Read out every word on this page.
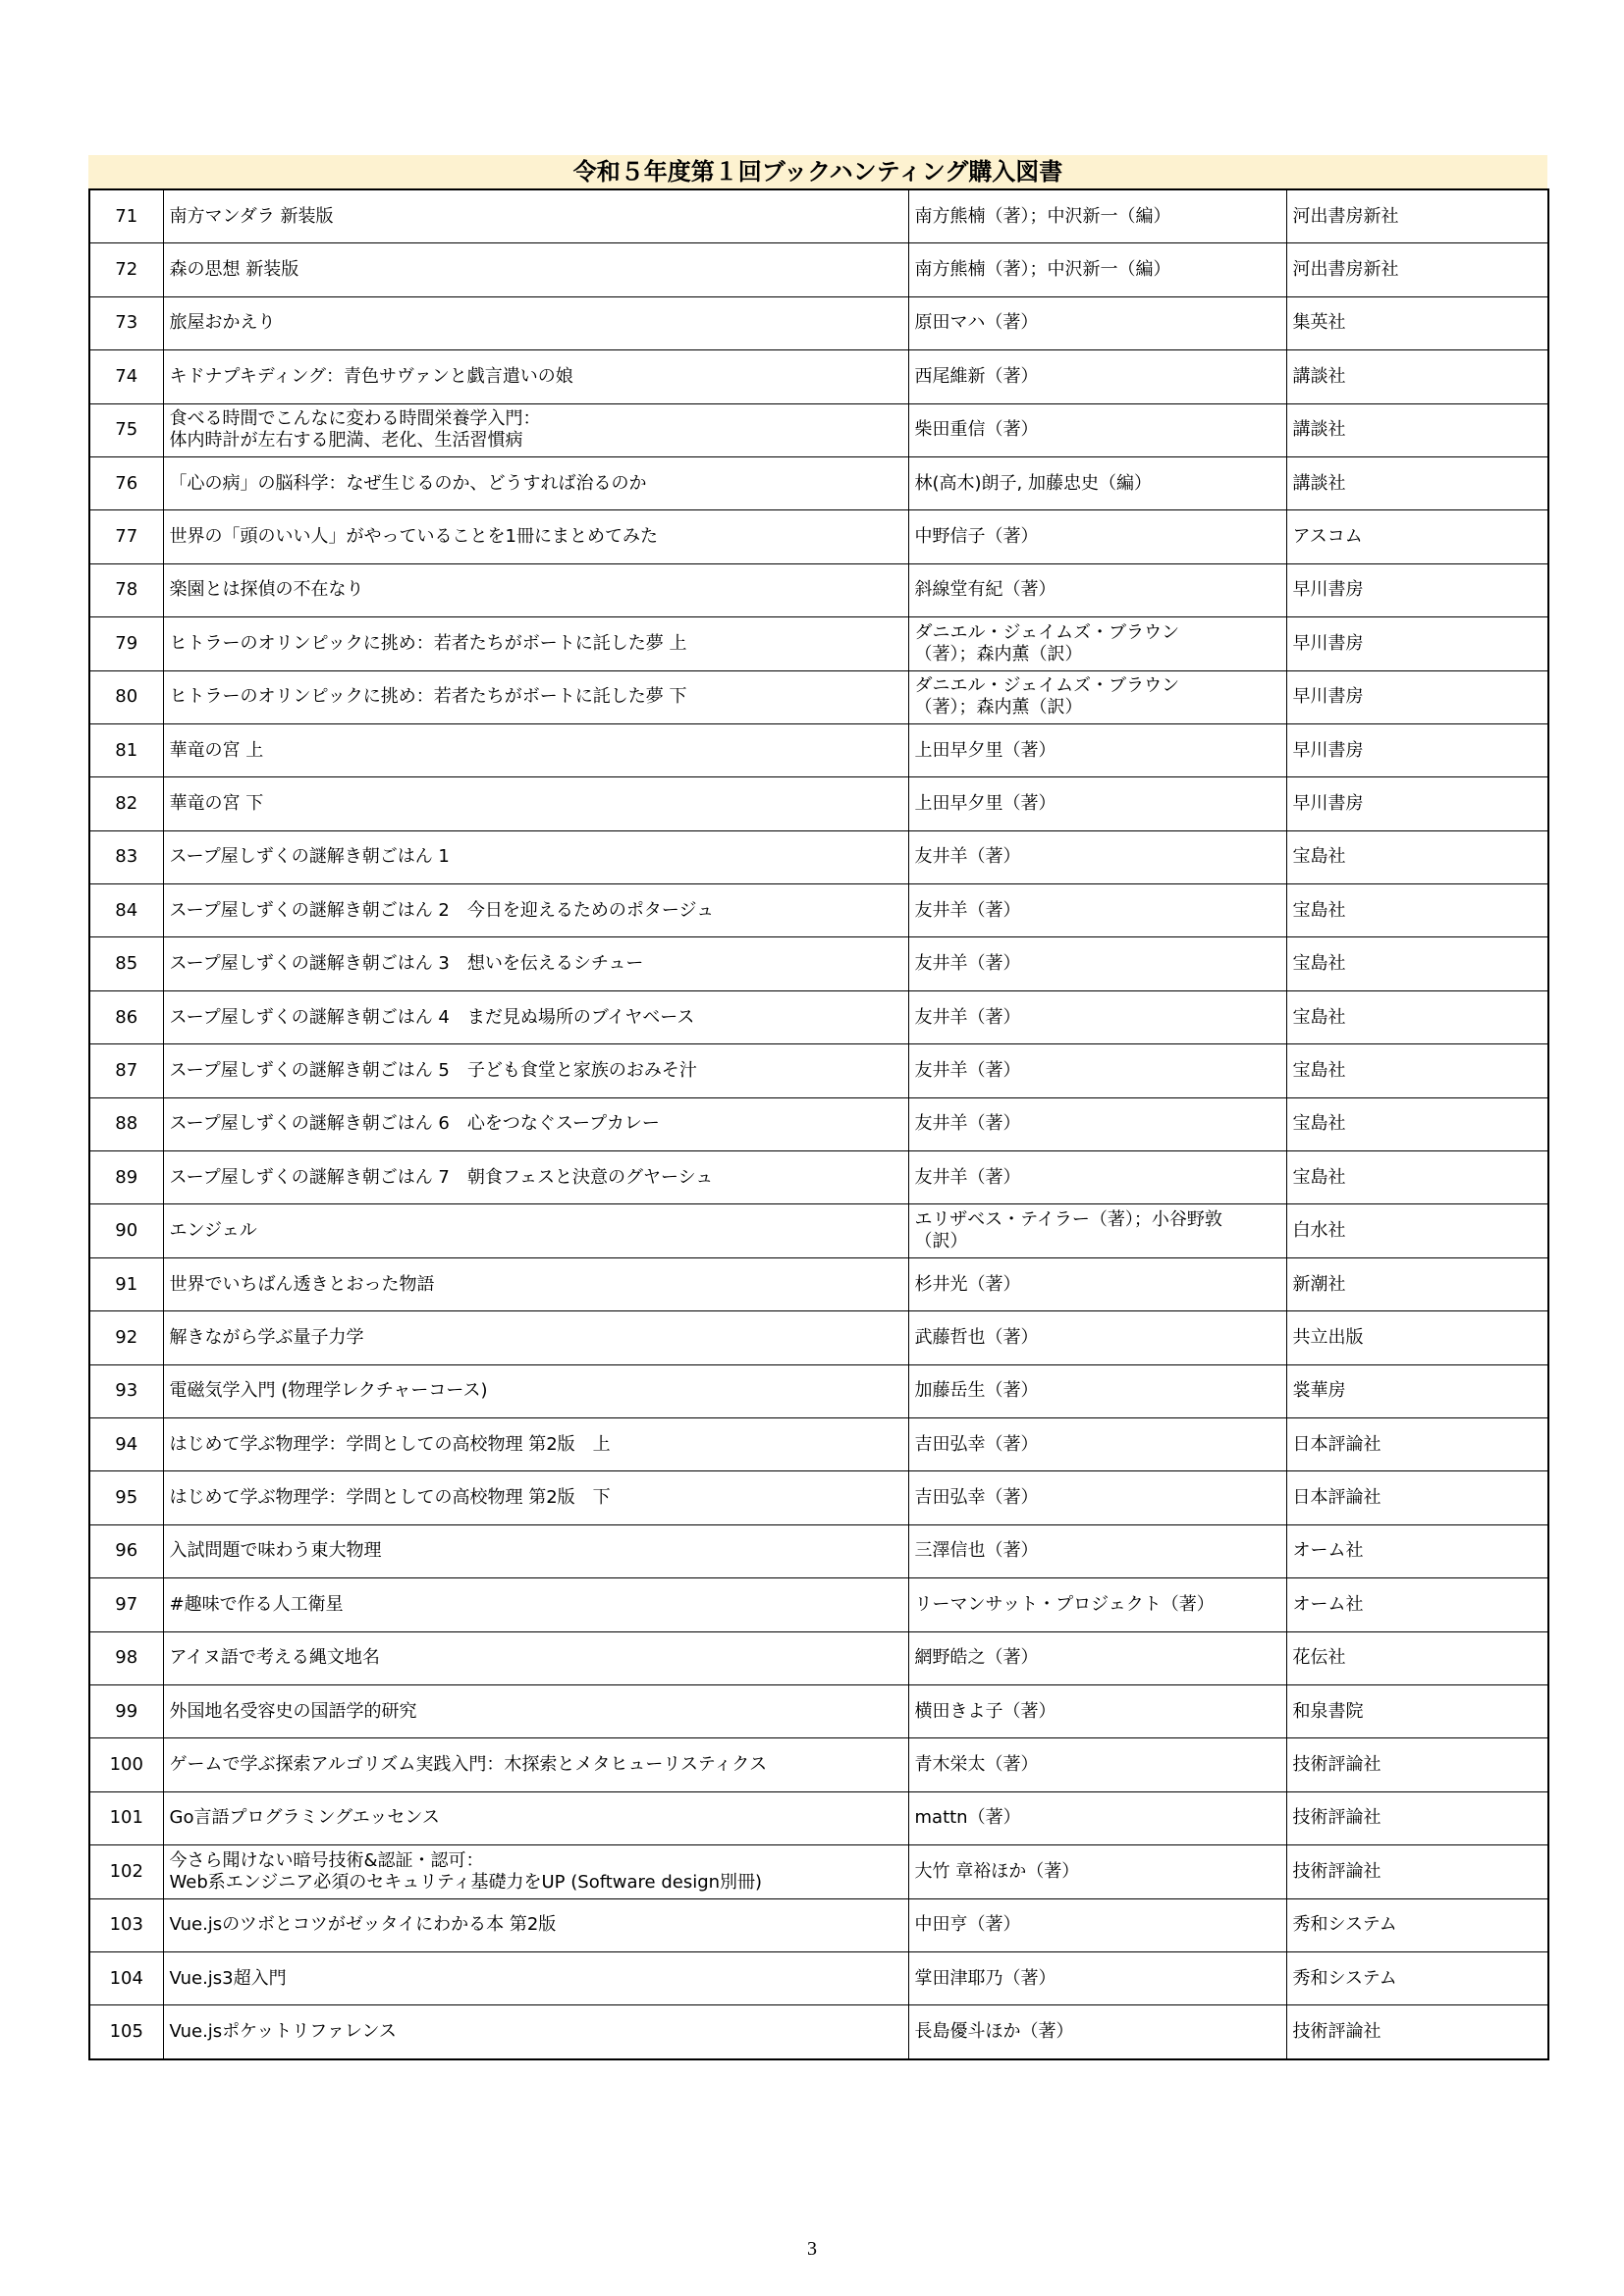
令和５年度第１回ブックハンティング購入図書
71	南方マンダラ 新装版	南方熊楠（著）；中沢新一（編）	河出書房新社
72	森の思想 新装版	南方熊楠（著）；中沢新一（編）	河出書房新社
73	旅屋おかえり	原田マハ（著）	集英社
74	キドナプキディング：青色サヴァンと戯言遣いの娘	西尾維新（著）	講談社
75	食べる時間でこんなに変わる時間栄養学入門：
体内時計が左右する肥満、老化、生活習慣病	柴田重信（著）	講談社
76	「心の病」の脳科学：なぜ生じるのか、どうすれば治るのか	林(高木)朗子, 加藤忠史（編）	講談社
77	世界の「頭のいい人」がやっていることを1冊にまとめてみた	中野信子（著）	アスコム
78	楽園とは探偵の不在なり	斜線堂有紀（著）	早川書房
79	ヒトラーのオリンピックに挑め：若者たちがボートに託した夢 上	ダニエル・ジェイムズ・ブラウン
（著）；森内薫（訳）	早川書房
80	ヒトラーのオリンピックに挑め：若者たちがボートに託した夢 下	ダニエル・ジェイムズ・ブラウン
（著）；森内薫（訳）	早川書房
81	華竜の宮 上	上田早夕里（著）	早川書房
82	華竜の宮 下	上田早夕里（著）	早川書房
83	スープ屋しずくの謎解き朝ごはん 1	友井羊（著）	宝島社
84	スープ屋しずくの謎解き朝ごはん 2　今日を迎えるためのポタージュ	友井羊（著）	宝島社
85	スープ屋しずくの謎解き朝ごはん 3　想いを伝えるシチュー	友井羊（著）	宝島社
86	スープ屋しずくの謎解き朝ごはん 4　まだ見ぬ場所のブイヤベース	友井羊（著）	宝島社
87	スープ屋しずくの謎解き朝ごはん 5　子ども食堂と家族のおみそ汁	友井羊（著）	宝島社
88	スープ屋しずくの謎解き朝ごはん 6　心をつなぐスープカレー	友井羊（著）	宝島社
89	スープ屋しずくの謎解き朝ごはん 7　朝食フェスと決意のグヤーシュ	友井羊（著）	宝島社
90	エンジェル	エリザベス・テイラー（著）；小谷野敦
（訳）	白水社
91	世界でいちばん透きとおった物語	杉井光（著）	新潮社
92	解きながら学ぶ量子力学	武藤哲也（著）	共立出版
93	電磁気学入門 (物理学レクチャーコース)	加藤岳生（著）	裳華房
94	はじめて学ぶ物理学：学問としての高校物理 第2版　上	吉田弘幸（著）	日本評論社
95	はじめて学ぶ物理学：学問としての高校物理 第2版　下	吉田弘幸（著）	日本評論社
96	入試問題で味わう東大物理	三澤信也（著）	オーム社
97	#趣味で作る人工衛星	リーマンサット・プロジェクト（著）	オーム社
98	アイヌ語で考える縄文地名	網野皓之（著）	花伝社
99	外国地名受容史の国語学的研究	横田きよ子（著）	和泉書院
100	ゲームで学ぶ探索アルゴリズム実践入門：木探索とメタヒューリスティクス	青木栄太（著）	技術評論社
101	Go言語プログラミングエッセンス	mattn（著）	技術評論社
102	今さら聞けない暗号技術&認証・認可：
Web系エンジニア必須のセキュリティ基礎力をUP (Software design別冊)	大竹 章裕ほか（著）	技術評論社
103	Vue.jsのツボとコツがゼッタイにわかる本 第2版	中田亨（著）	秀和システム
104	Vue.js3超入門	掌田津耶乃（著）	秀和システム
105	Vue.jsポケットリファレンス	長島優斗ほか（著）	技術評論社
3
